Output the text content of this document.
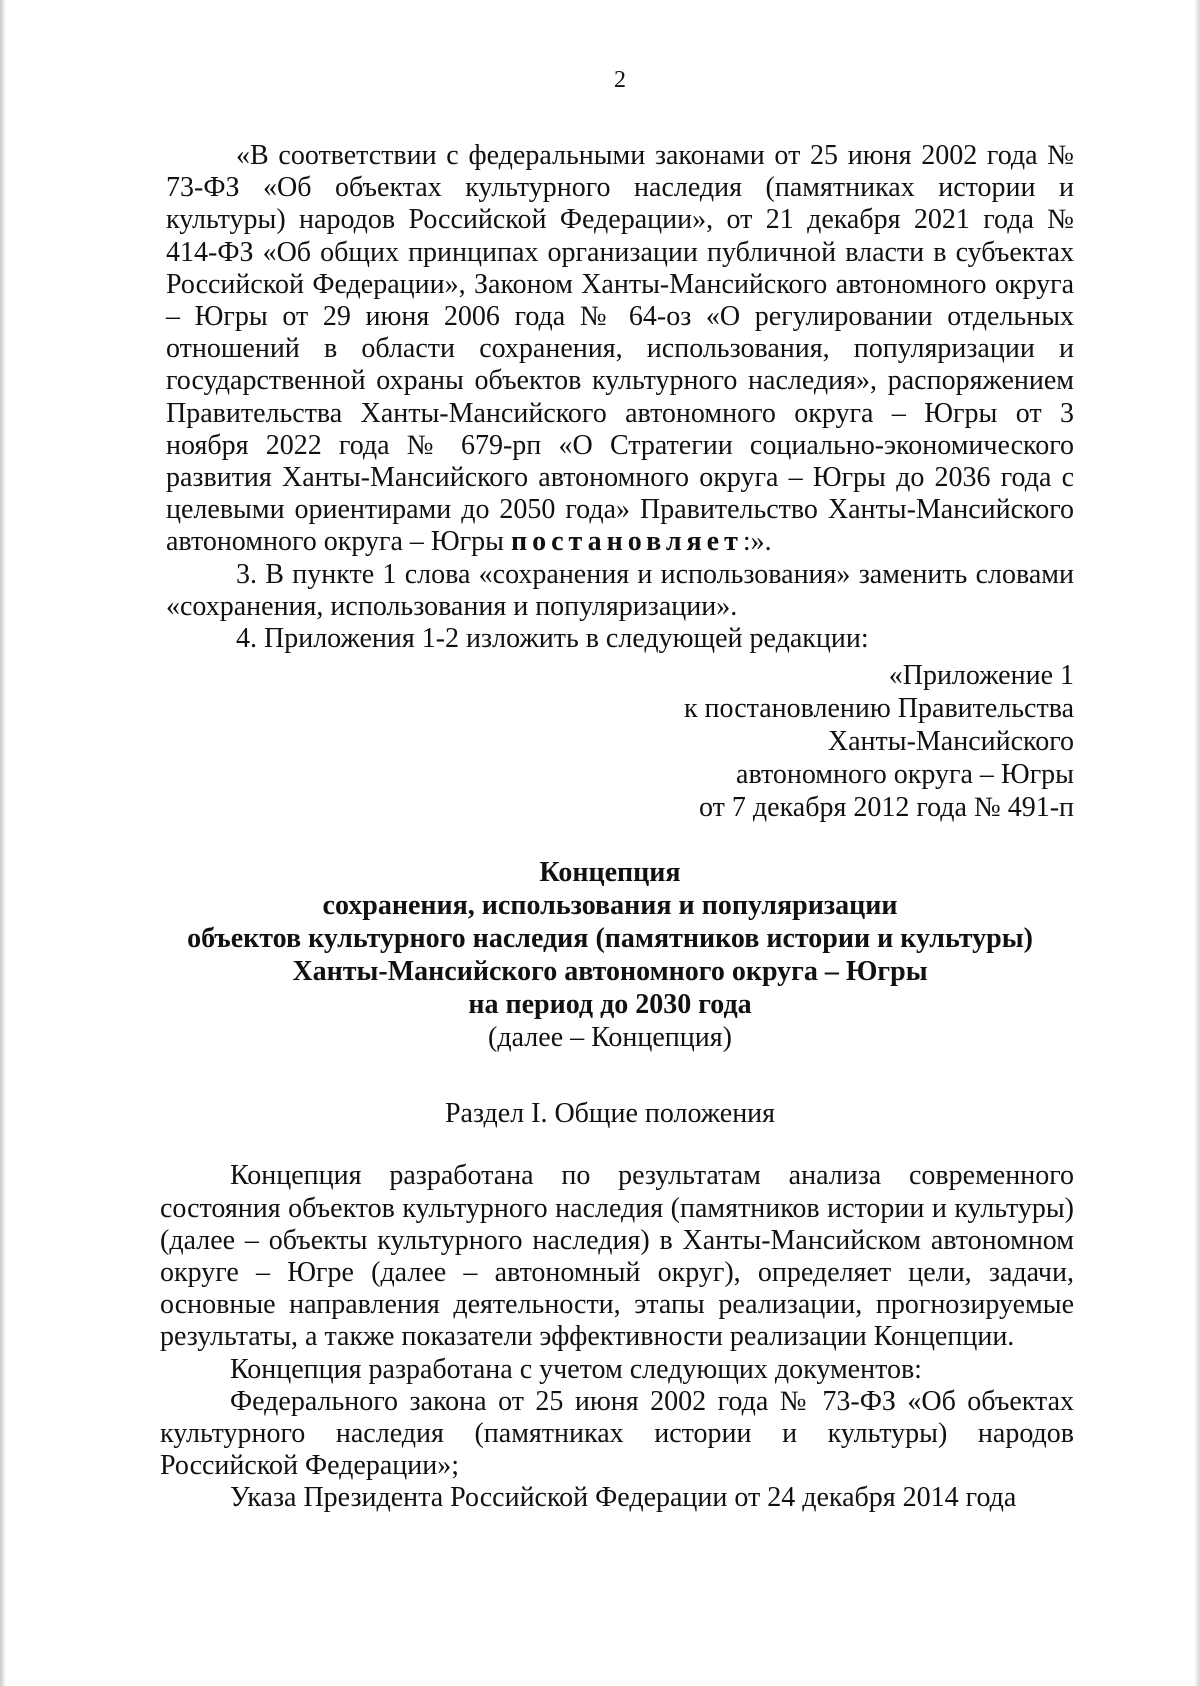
2

«В соответствии с федеральными законами от 25 июня 2002 года № 73-ФЗ «Об объектах культурного наследия (памятниках истории и культуры) народов Российской Федерации», от 21 декабря 2021 года № 414-ФЗ «Об общих принципах организации публичной власти в субъектах Российской Федерации», Законом Ханты-Мансийского автономного округа – Югры от 29 июня 2006 года № 64-оз «О регулировании отдельных отношений в области сохранения, использования, популяризации и государственной охраны объектов культурного наследия», распоряжением Правительства Ханты-Мансийского автономного округа – Югры от 3 ноября 2022 года № 679-рп «О Стратегии социально-экономического развития Ханты-Мансийского автономного округа – Югры до 2036 года с целевыми ориентирами до 2050 года» Правительство Ханты-Мансийского автономного округа – Югры постановляет:».

3. В пункте 1 слова «сохранения и использования» заменить словами «сохранения, использования и популяризации».

4. Приложения 1-2 изложить в следующей редакции:

«Приложение 1
к постановлению Правительства
Ханты-Мансийского
автономного округа – Югры
от 7 декабря 2012 года № 491-п
Концепция
сохранения, использования и популяризации
объектов культурного наследия (памятников истории и культуры)
Ханты-Мансийского автономного округа – Югры
на период до 2030 года
(далее – Концепция)
Раздел I. Общие положения

Концепция разработана по результатам анализа современного состояния объектов культурного наследия (памятников истории и культуры) (далее – объекты культурного наследия) в Ханты-Мансийском автономном округе – Югре (далее – автономный округ), определяет цели, задачи, основные направления деятельности, этапы реализации, прогнозируемые результаты, а также показатели эффективности реализации Концепции.

Концепция разработана с учетом следующих документов:

Федерального закона от 25 июня 2002 года № 73-ФЗ «Об объектах культурного наследия (памятниках истории и культуры) народов Российской Федерации»;

Указа Президента Российской Федерации от 24 декабря 2014 года
